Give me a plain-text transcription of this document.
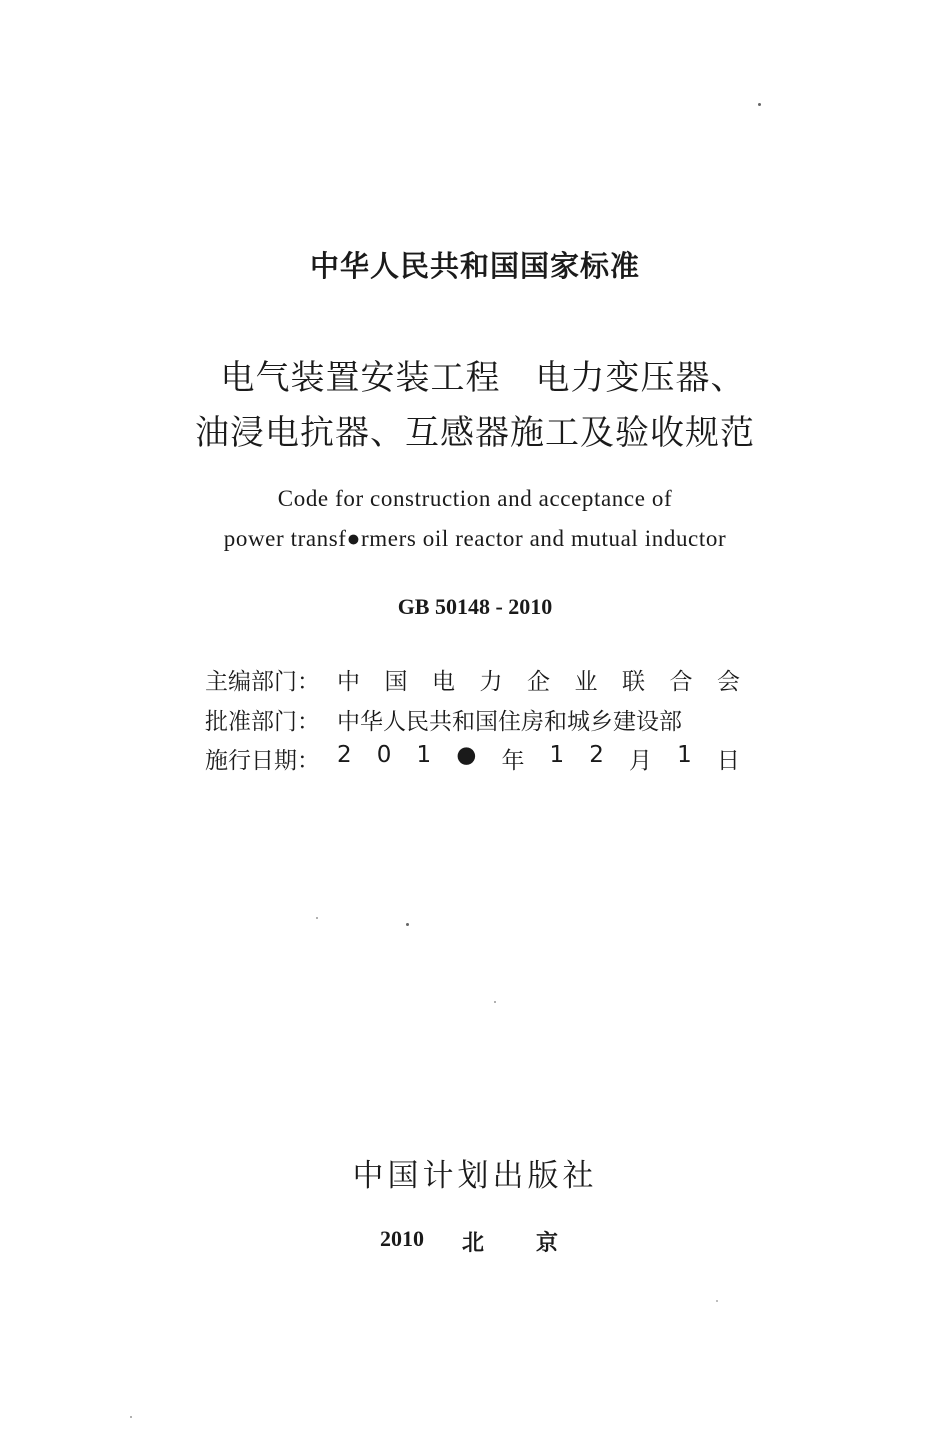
中华人民共和国国家标准
电气装置安装工程　电力变压器、
油浸电抗器、互感器施工及验收规范
Code for construction and acceptance of
power transf●rmers oil reactor and mutual inductor
GB 50148 - 2010
主编部门： 中 国 电 力 企 业 联 合 会
批准部门： 中华人民共和国住房和城乡建设部
施行日期： 2 0 1 ● 年 1 2 月 1 日
中国计划出版社
2010 北京
